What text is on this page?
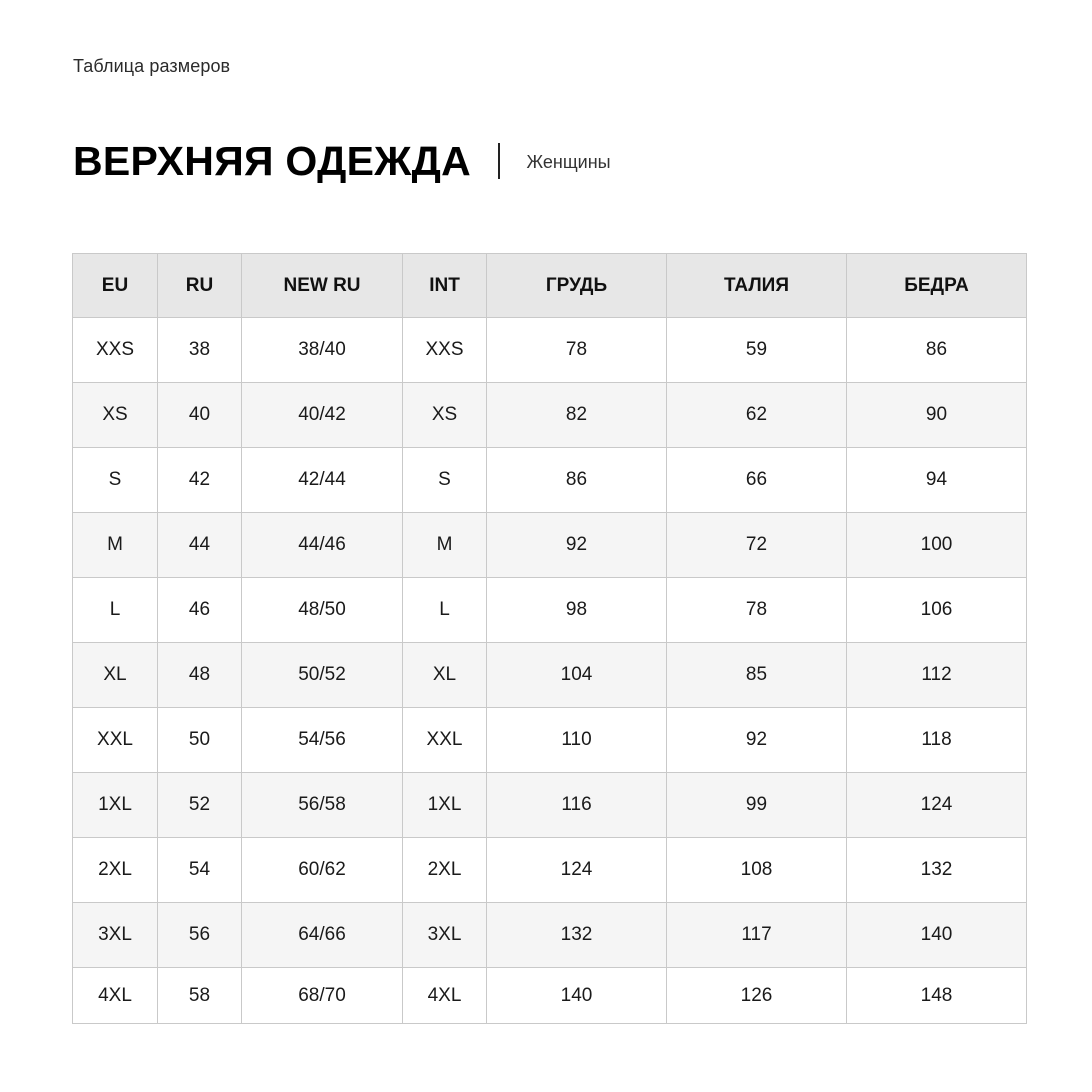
Таблица размеров
ВЕРХНЯЯ ОДЕЖДА	Женщины
EU	RU	NEW RU	INT	ГРУДЬ	ТАЛИЯ	БЕДРА
XXS	38	38/40	XXS	78	59	86
XS	40	40/42	XS	82	62	90
S	42	42/44	S	86	66	94
M	44	44/46	M	92	72	100
L	46	48/50	L	98	78	106
XL	48	50/52	XL	104	85	112
XXL	50	54/56	XXL	110	92	118
1XL	52	56/58	1XL	116	99	124
2XL	54	60/62	2XL	124	108	132
3XL	56	64/66	3XL	132	117	140
4XL	58	68/70	4XL	140	126	148
